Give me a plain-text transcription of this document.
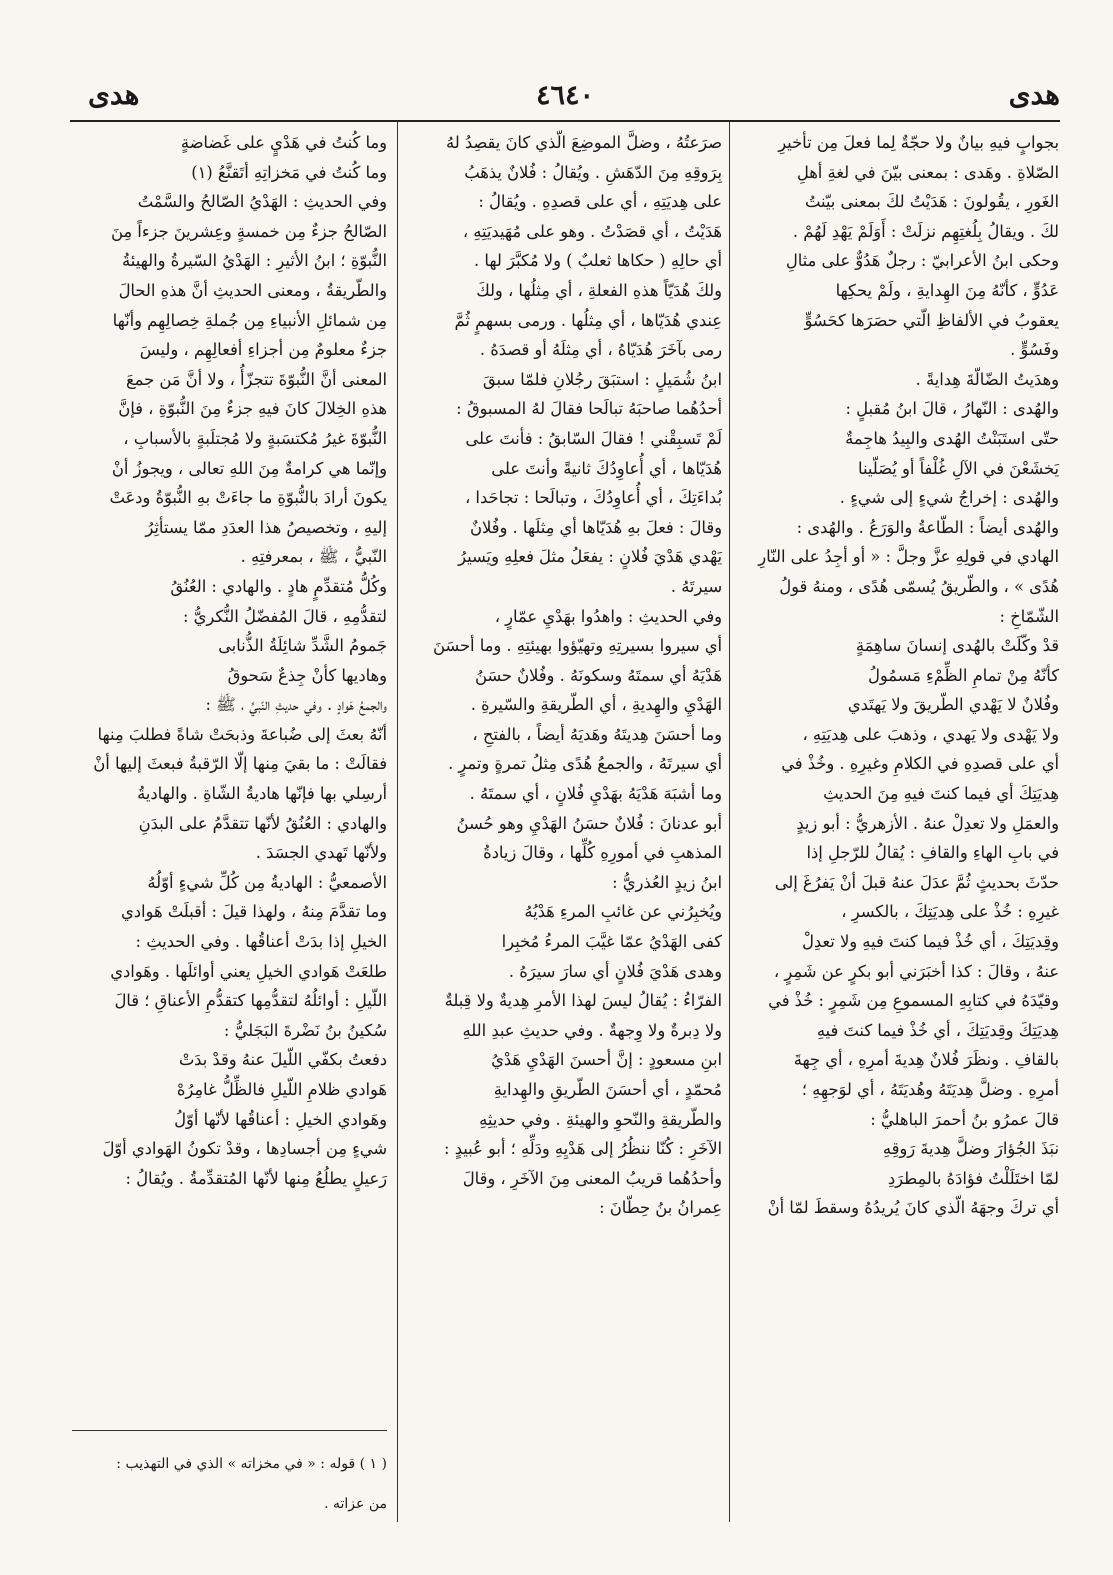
هدى
٤٦٤٠
هدى

بجوابٍ فيهِ بيانٌ ولا حجّةٌ لِما فعلَ مِن تأخيرِ

الصّلاةِ . وهَدى : بمعنى بيّنَ في لغةِ أهلِ

الغَورِ ، يقُولونَ : هَدَيْتُ لكَ بمعنى بيّنتُ

لكَ . ويقالُ بِلُغتِهِم نزلَتْ : أَوَلَمْ يَهْدِ لَهُمْ .

وحكى ابنُ الأعرابيّ : رجلٌ هَدُوٌّ على مثالِ

عَدُوٍّ ، كأنّهُ مِنَ الهِدايةِ ، ولَمْ يحكِها

يعقوبُ في الألفاظِ الّتي حصَرَها كحَسُوٍّ

وفَسُوٍّ .

وهدَيتُ الضّالّةَ هِدايةً .

والهُدى : النّهارُ ، قالَ ابنُ مُقبلٍ :

حتّى استَبَنْتُ الهُدى والبِيدُ هاجِمةٌ

يَخشَعْنَ في الآلِ غُلْفاً أو يُصَلّينا

والهُدى : إخراجُ شيءٍ إلى شيءٍ .

والهُدى أيضاً : الطّاعةُ والوَرَعُ . والهُدى :

الهادي في قولِهِ عزَّ وجلَّ : « أو أجِدُ على النّارِ

هُدًى » ، والطّريقُ يُسمّى هُدًى ، ومنهُ قولُ

الشّمّاخِ :

قدْ وكّلَتْ بالهُدى إنسانَ ساهِمَةٍ

كأنّهُ مِنْ تمامِ الظِّمْءِ مَسمُولُ

وفُلانٌ لا يَهْدي الطّريقَ ولا يَهتَدي

ولا يَهْدى ولا يَهدي ، وذهبَ على هِديَتِهِ ،

أي على قصدِهِ في الكلامِ وغيرِهِ . وخُذْ في

هِديَتِكَ أي فيما كنتَ فيهِ مِنَ الحديثِ

والعمَلِ ولا تعدِلْ عنهُ . الأزهريُّ : أبو زيدٍ

في بابِ الهاءِ والقافِ : يُقالُ للرّجلِ إذا

حدّثَ بحديثٍ ثُمَّ عدَلَ عنهُ قبلَ أنْ يَفرُغَ إلى

غيرِهِ : خُذْ على هِديَتِكَ ، بالكسرِ ،

وقِديَتِكَ ، أي خُذْ فيما كنتَ فيهِ ولا تعدِلْ

عنهُ ، وقالَ : كذا أخبَرَني أبو بكرٍ عن شَمِرٍ ،

وقيّدَهُ في كتابِهِ المسموعِ مِن شَمِرٍ : خُذْ في

هِديَتِكَ وقِديَتِكَ ، أي خُذْ فيما كنتَ فيهِ

بالقافِ . ونظَرَ فُلانٌ هِديةَ أمرِهِ ، أي جِهةَ

أمرِهِ . وضلَّ هِديَتَهُ وهُديَتَهُ ، أي لوَجهِهِ ؛

قالَ عمرُو بنُ أحمرَ الباهليُّ :

نبَذَ الجُؤارَ وضلَّ هِديةَ رَوقِهِ

لمّا اختَلَلْتُ فؤادَهُ بالمِطرَدِ

أي تركَ وجهَهُ الّذي كانَ يُريدُهُ وسقطَ لمّا أنْ

صرَعتُهُ ، وضلَّ الموضِعَ الّذي كانَ يقصِدُ لهُ

بِرَوقِهِ مِنَ الدّهَشِ . ويُقالُ : فُلانٌ يذهَبُ

على هِديَتِهِ ، أي على قصدِهِ . ويُقالُ :

هَدَيْتُ ، أي قصَدْتُ . وهو على مُهَيديَتِهِ ،

أي حالِهِ ( حكاها ثعلبٌ ) ولا مُكبَّرَ لها .

ولكَ هُدَيّاً هذهِ الفعلةِ ، أي مِثلُها ، ولكَ

عِندي هُدَيّاها ، أي مِثلُها . ورمى بسهمٍ ثُمَّ

رمى بآخَرَ هُدَيّاهُ ، أي مِثلَهُ أو قصدَهُ .

ابنُ شُمَيلٍ : استبَقَ رجُلانِ فلمّا سبقَ

أحدُهُما صاحبَهُ تبالَحا فقالَ لهُ المسبوقُ :

لَمْ تَسبِقْني ! فقالَ السّابقُ : فأنتَ على

هُدَيّاها ، أي أُعاوِدُكَ ثانيةً وأنتَ على

بُداءَتِكَ ، أي أُعاوِدُكَ ، وتبالَحا : تجاحَدا ،

وقالَ : فعلَ بهِ هُدَيّاها أي مِثلَها . وفُلانٌ

يَهْدي هَدْيَ فُلانٍ : يفعَلُ مثلَ فعلِهِ ويَسيرُ

سيرتَهُ .

وفي الحديثِ : واهدُوا بهَدْيِ عمّارٍ ،

أي سيروا بسيرتِهِ وتهيّؤوا بهيئتِهِ . وما أحسَنَ

هَدْيَهُ أي سمتَهُ وسكونَهُ . وفُلانٌ حسَنُ

الهَدْيِ والهِديةِ ، أي الطّريقةِ والسّيرةِ .

وما أحسَنَ هِديتَهُ وهَديَهُ أيضاً ، بالفتحِ ،

أي سيرتَهُ ، والجمعُ هُدًى مِثلُ تمرةٍ وتمرٍ .

وما أشبَهَ هَدْيَهُ بهَدْيِ فُلانٍ ، أي سمتَهُ .

أبو عدنانَ : فُلانٌ حسَنُ الهَدْيِ وهو حُسنُ

المذهبِ في أمورِهِ كُلِّها ، وقالَ زيادةُ

ابنُ زيدٍ العُذريُّ :

ويُخبِرُني عن غائبِ المرءِ هَدْيُهُ

كفى الهَدْيُ عمّا غيَّبَ المرءُ مُخبِرا

وهدى هَدْيَ فُلانٍ أي سارَ سيرَهُ .

الفرّاءُ : يُقالُ ليسَ لهذا الأمرِ هِديةٌ ولا قِبلةٌ

ولا دِبرةٌ ولا وِجهةٌ . وفي حديثِ عبدِ اللهِ

ابنِ مسعودٍ : إنَّ أحسنَ الهَدْيِ هَدْيُ

مُحمّدٍ ، أي أحسَنَ الطّريقِ والهِدايةِ

والطّريقةِ والنّحوِ والهيئةِ . وفي حديثِهِ

الآخَرِ : كُنّا ننظُرُ إلى هَدْيِهِ ودَلِّهِ ؛ أبو عُبيدٍ :

وأحدُهُما قريبُ المعنى مِنَ الآخَرِ ، وقالَ

عِمرانُ بنُ حِطّانَ :

وما كُنتُ في هَدْيٍ على غَضاضةٍ

وما كُنتُ في مَخزاتِهِ أتَقنَّعُ (١)

وفي الحديثِ : الهَدْيُ الصّالحُ والسَّمْتُ

الصّالحُ جزءٌ مِن خمسةٍ وعِشرينَ جزءاً مِنَ

النُّبوّةِ ؛ ابنُ الأثيرِ : الهَدْيُ السّيرةُ والهيئةُ

والطّريقةُ ، ومعنى الحديثِ أنَّ هذهِ الحالَ

مِن شمائلِ الأنبياءِ مِن جُملةِ خِصالِهِم وأنّها

جزءٌ معلومٌ مِن أجزاءِ أفعالِهِم ، وليسَ

المعنى أنَّ النُّبوّةَ تتجزّأُ ، ولا أنَّ مَن جمعَ

هذهِ الخِلالَ كانَ فيهِ جزءٌ مِنَ النُّبوّةِ ، فإنَّ

النُّبوّةَ غيرُ مُكتسَبةٍ ولا مُجتلَبةٍ بالأسبابِ ،

وإنّما هي كرامةٌ مِنَ اللهِ تعالى ، ويجوزُ أنْ

يكونَ أرادَ بالنُّبوّةِ ما جاءَتْ بهِ النُّبوّةُ ودعَتْ

إليهِ ، وتخصيصُ هذا العدَدِ ممّا يستأثِرُ

النّبيُّ ، ﷺ ، بمعرفتِهِ .

وكُلُّ مُتقدِّمٍ هادٍ . والهادي : العُنُقُ

لتقدُّمِهِ ، قالَ المُفضّلُ النُّكريُّ :

جَمومُ الشَّدِّ شائِلَةُ الذُّنابى

وهاديها كأنْ جِذعٌ سَحوقُ

والجمعُ هَوادٍ . وفي حديثِ النّبيِّ ، ﷺ :

أنّهُ بعثَ إلى ضُباعةَ وذبحَتْ شاةً فطلبَ مِنها

فقالَتْ : ما بقيَ مِنها إلّا الرّقبةُ فبعثَ إليها أنْ

أرسِلي بها فإنّها هاديةُ الشّاةِ . والهاديةُ

والهادي : العُنُقُ لأنّها تتقدَّمُ على البدَنِ

ولأنّها تَهدي الجسَدَ .

الأصمعيُّ : الهاديةُ مِن كُلِّ شيءٍ أوّلُهُ

وما تقدَّمَ مِنهُ ، ولهذا قيلَ : أقبلَتْ هَوادي

الخيلِ إذا بدَتْ أعناقُها . وفي الحديثِ :

طلعَتْ هَوادي الخيلِ يعني أوائلَها . وهَوادي

اللّيلِ : أوائلُهُ لتقدُّمِها كتقدُّمِ الأعناقِ ؛ قالَ

سُكينُ بنُ نَضْرةَ البَجَليُّ :

دفعتُ بكفّي اللّيلَ عنهُ وقدْ بدَتْ

هَوادي ظلامِ اللّيلِ فالظِّلُّ غامِرُهْ

وهَوادي الخيلِ : أعناقُها لأنّها أوّلُ

شيءٍ مِن أجسادِها ، وقدْ تكونُ الهَوادي أوّلَ

رَعيلٍ يطلُعُ مِنها لأنّها المُتقدِّمةُ . ويُقالُ :

( ١ ) قوله : « في مخزاته » الذي في التهذيب :

من عزاته .
